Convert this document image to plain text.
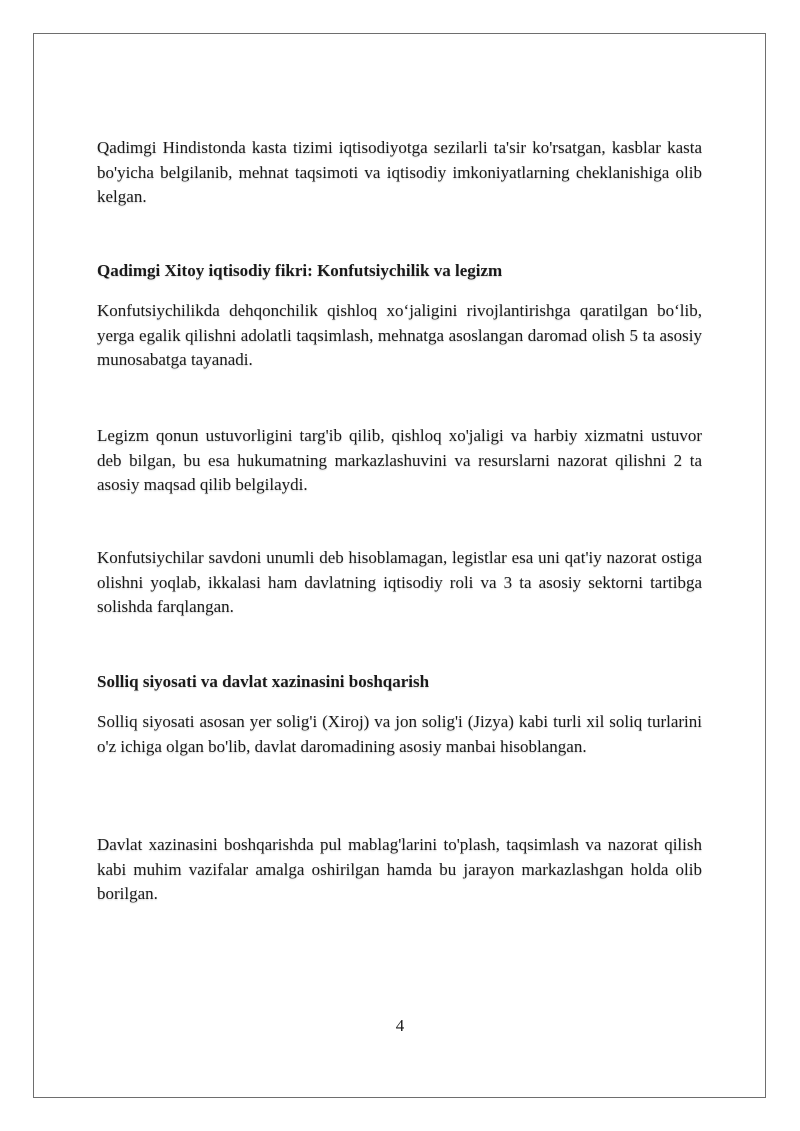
Qadimgi Hindistonda kasta tizimi iqtisodiyotga sezilarli ta'sir ko'rsatgan, kasblar kasta bo'yicha belgilanib, mehnat taqsimoti va iqtisodiy imkoniyatlarning cheklanishiga olib kelgan.

Qadimgi Xitoy iqtisodiy fikri: Konfutsiychilik va legizm

Konfutsiychilikda dehqonchilik qishloq xo‘jaligini rivojlantirishga qaratilgan bo‘lib, yerga egalik qilishni adolatli taqsimlash, mehnatga asoslangan daromad olish 5 ta asosiy munosabatga tayanadi.

Legizm qonun ustuvorligini targ'ib qilib, qishloq xo'jaligi va harbiy xizmatni ustuvor deb bilgan, bu esa hukumatning markazlashuvini va resurslarni nazorat qilishni 2 ta asosiy maqsad qilib belgilaydi.

Konfutsiychilar savdoni unumli deb hisoblamagan, legistlar esa uni qat'iy nazorat ostiga olishni yoqlab, ikkalasi ham davlatning iqtisodiy roli va 3 ta asosiy sektorni tartibga solishda farqlangan.

Solliq siyosati va davlat xazinasini boshqarish

Solliq siyosati asosan yer solig'i (Xiroj) va jon solig'i (Jizya) kabi turli xil soliq turlarini o'z ichiga olgan bo'lib, davlat daromadining asosiy manbai hisoblangan.

Davlat xazinasini boshqarishda pul mablag'larini to'plash, taqsimlash va nazorat qilish kabi muhim vazifalar amalga oshirilgan hamda bu jarayon markazlashgan holda olib borilgan.

4
